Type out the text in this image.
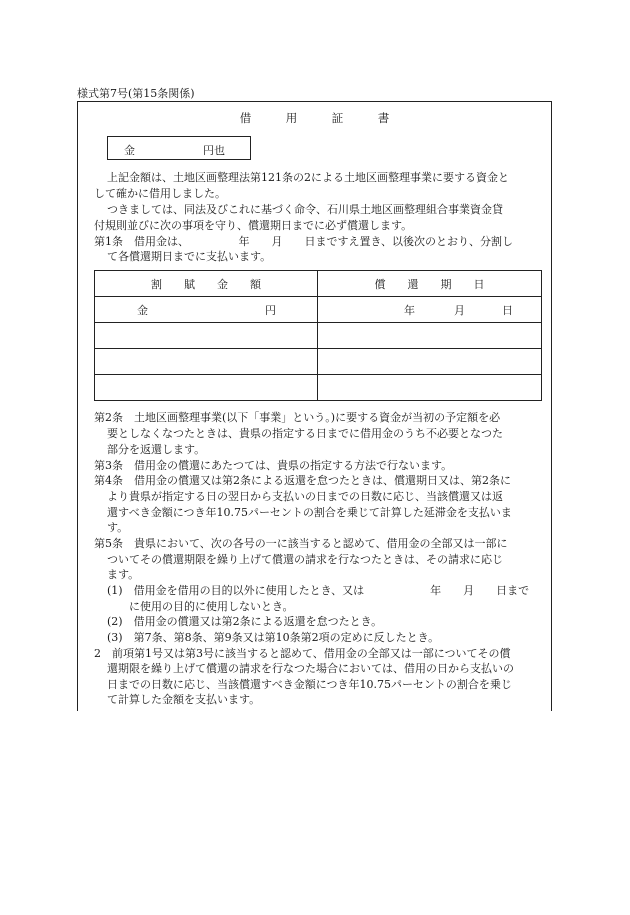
様式第7号(第15条関係)
借　　　用　　　証　　　書
金	円也
上記金額は、土地区画整理法第121条の2による土地区画整理事業に要する資金と
して確かに借用しました。
つきましては、同法及びこれに基づく命令、石川県土地区画整理組合事業資金貸
付規則並びに次の事項を守り、償還期日までに必ず償還します。
第1条　借用金は、　　　　　年　　月　　日まですえ置き、以後次のとおり、分割し
て各償還期日までに支払います。
割　　賦　　金　　額	償　　還　　期　　日

金 円	年 月 日

第2条　土地区画整理事業(以下「事業」という。)に要する資金が当初の予定額を必
要としなくなつたときは、貴県の指定する日までに借用金のうち不必要となつた
部分を返還します。
第3条　借用金の償還にあたつては、貴県の指定する方法で行ないます。
第4条　借用金の償還又は第2条による返還を怠つたときは、償還期日又は、第2条に
より貴県が指定する日の翌日から支払いの日までの日数に応じ、当該償還又は返
還すべき金額につき年10.75パーセントの割合を乗じて計算した延滞金を支払いま
す。
第5条　貴県において、次の各号の一に該当すると認めて、借用金の全部又は一部に
ついてその償還期限を繰り上げて償還の請求を行なつたときは、その請求に応じ
ます。
(1)　借用金を借用の目的以外に使用したとき、又は　　　　　　年　　月　　日まで
に使用の目的に使用しないとき。
(2)　借用金の償還又は第2条による返還を怠つたとき。
(3)　第7条、第8条、第9条又は第10条第2項の定めに反したとき。
2　前項第1号又は第3号に該当すると認めて、借用金の全部又は一部についてその償
還期限を繰り上げて償還の請求を行なつた場合においては、借用の日から支払いの
日までの日数に応じ、当該償還すべき金額につき年10.75パーセントの割合を乗じ
て計算した金額を支払います。
